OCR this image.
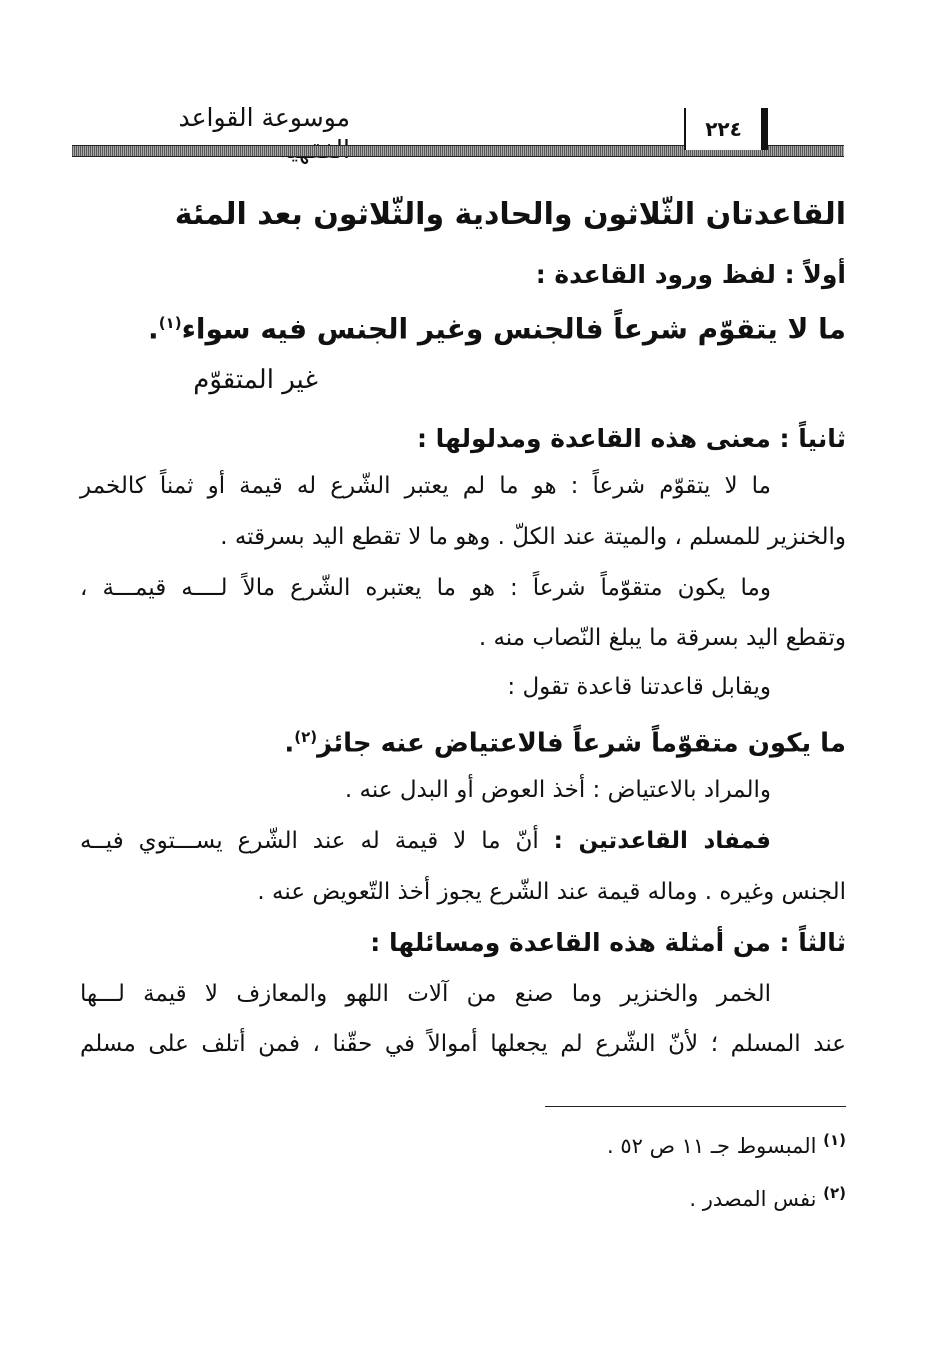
موسوعة القواعد	٢٢٤
القاعدتان الثّلاثون والحادية والثّلاثون بعد المئة
أولاً : لفظ ورود القاعدة :
ما لا يتقوّم شرعاً فالجنس وغير الجنس فيه سواء$^{(١)}$.
غير المتقوّم
ثانياً : معنى هذه القاعدة ومدلولها :
ما لا يتقوّم شرعاً : هو ما لم يعتبر الشّرع له قيمة أو ثمناً كالخمر
والخنزير للمسلم ، والميتة عند الكلّ . وهو ما لا تقطع اليد بسرقته .
وما يكون متقوّماً شرعاً : هو ما يعتبره الشّرع مالاً لــــه قيمـــة ،
وتقطع اليد بسرقة ما يبلغ النّصاب منه .
ويقابل قاعدتنا قاعدة تقول :
ما يكون متقوّماً شرعاً فالاعتياض عنه جائز$^{(٢)}$.
والمراد بالاعتياض : أخذ العوض أو البدل عنه .
فمفاد القاعدتين : أنّ ما لا قيمة له عند الشّرع يســـتوي فيــه
الجنس وغيره . وماله قيمة عند الشّرع يجوز أخذ التّعويض عنه .
ثالثاً : من أمثلة هذه القاعدة ومسائلها :
الخمر والخنزير وما صنع من آلات اللهو والمعازف لا قيمة لـــها
عند المسلم ؛ لأنّ الشّرع لم يجعلها أموالاً في حقّنا ، فمن أتلف على مسلم
$^{(١)}$ المبسوط جـ ١١ ص ٥٢ .
$^{(٢)}$ نفس المصدر .
